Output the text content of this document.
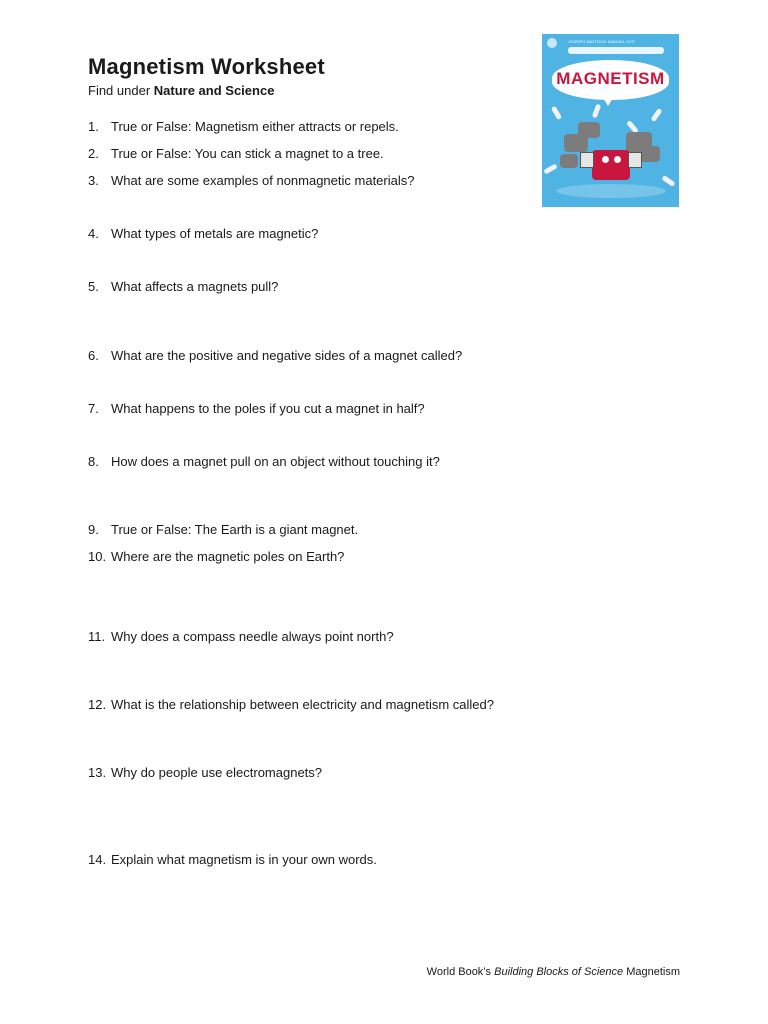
Magnetism Worksheet
Find under Nature and Science
1. True or False: Magnetism either attracts or repels.
2. True or False: You can stick a magnet to a tree.
3. What are some examples of nonmagnetic materials?
4. What types of metals are magnetic?
5. What affects a magnets pull?
6. What are the positive and negative sides of a magnet called?
7. What happens to the poles if you cut a magnet in half?
8. How does a magnet pull on an object without touching it?
9. True or False: The Earth is a giant magnet.
10. Where are the magnetic poles on Earth?
11. Why does a compass needle always point north?
12. What is the relationship between electricity and magnetism called?
13. Why do people use electromagnets?
14. Explain what magnetism is in your own words.
JOSEPH MIDTHUN SAMUEL HITI
MAGNETISM
World Book’s Building Blocks of Science Magnetism
